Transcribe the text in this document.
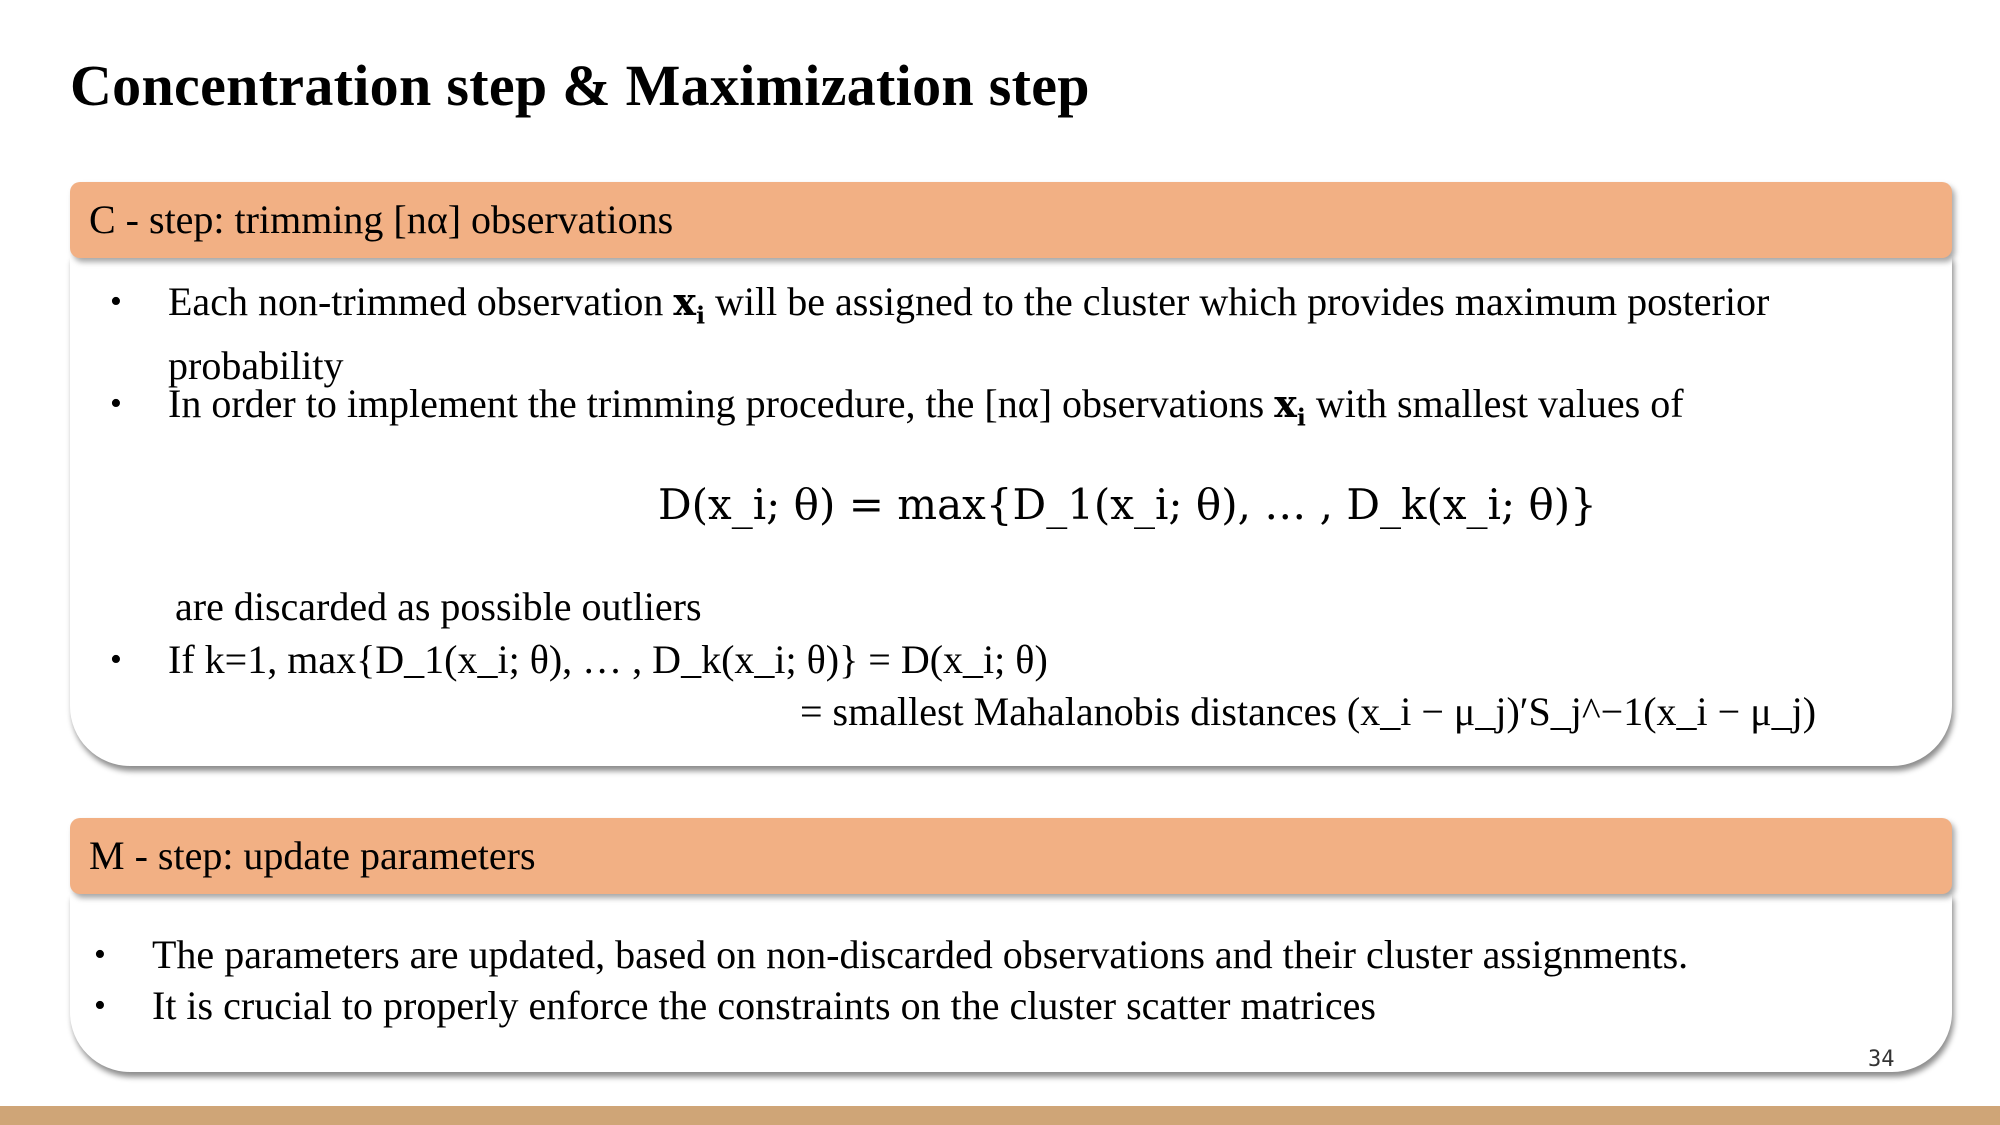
Concentration step & Maximization step
C - step: trimming [nα] observations
• Each non-trimmed observation $x_i$ will be assigned to the cluster which provides maximum posterior probability
• In order to implement the trimming procedure, the [nα] observations $x_i$ with smallest values of
D(x_i; θ) = max{D_1(x_i; θ), … , D_k(x_i; θ)}
are discarded as possible outliers
• If k=1, max{D_1(x_i; θ), … , D_k(x_i; θ)} = D(x_i; θ)
= smallest Mahalanobis distances (x_i − μ_j)′S_j^−1(x_i − μ_j)
M - step: update parameters
• The parameters are updated, based on non-discarded observations and their cluster assignments.
• It is crucial to properly enforce the constraints on the cluster scatter matrices
34
